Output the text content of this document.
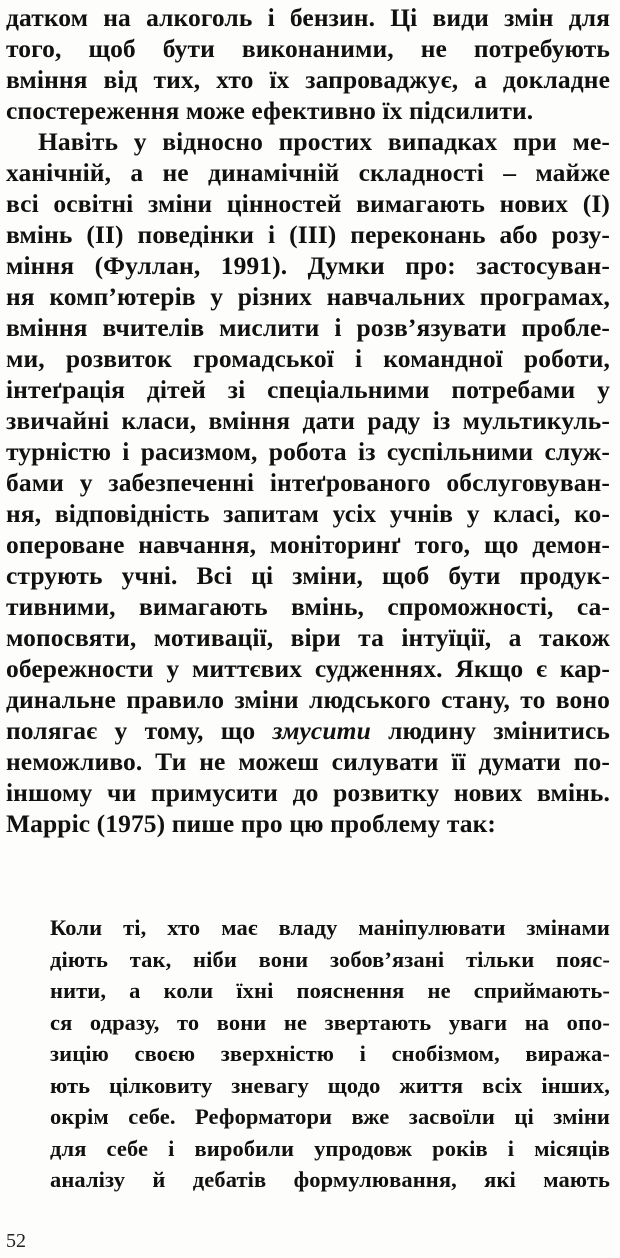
датком на алкоголь і бензин. Ці види змін для
того, щоб бути виконаними, не потребують
вміння від тих, хто їх запроваджує, а докладне
спостереження може ефективно їх підсилити.
Навіть у відносно простих випадках при ме-
ханічній, а не динамічній складності – майже
всі освітні зміни цінностей вимагають нових (І)
вмінь (II) поведінки і (III) переконань або розу-
міння (Фуллан, 1991). Думки про: застосуван-
ня комп’ютерів у різних навчальних програмах,
вміння вчителів мислити і розв’язувати пробле-
ми, розвиток громадської і командної роботи,
інтеґрація дітей зі спеціальними потребами у
звичайні класи, вміння дати раду із мультикуль-
турністю і расизмом, робота із суспільними служ-
бами у забезпеченні інтеґрованого обслуговуван-
ня, відповідність запитам усіх учнів у класі, ко-
опероване навчання, моніторинґ того, що демон-
струють учні. Всі ці зміни, щоб бути продук-
тивними, вимагають вмінь, спроможності, са-
мопосвяти, мотивації, віри та інтуїції, а також
обережности у миттєвих судженнях. Якщо є кар-
динальне правило зміни людського стану, то воно
полягає у тому, що змусити людину змінитись
неможливо. Ти не можеш силувати її думати по-
іншому чи примусити до розвитку нових вмінь.
Марріс (1975) пише про цю проблему так:
Коли ті, хто має владу маніпулювати змінами
діють так, ніби вони зобов’язані тільки пояс-
нити, а коли їхні пояснення не сприймають-
ся одразу, то вони не звертають уваги на опо-
зицію своєю зверхністю і снобізмом, виража-
ють цілковиту зневагу щодо життя всіх інших,
окрім себе. Реформатори вже засвоїли ці зміни
для себе і виробили упродовж років і місяців
аналізу й дебатів формулювання, які мають
52
